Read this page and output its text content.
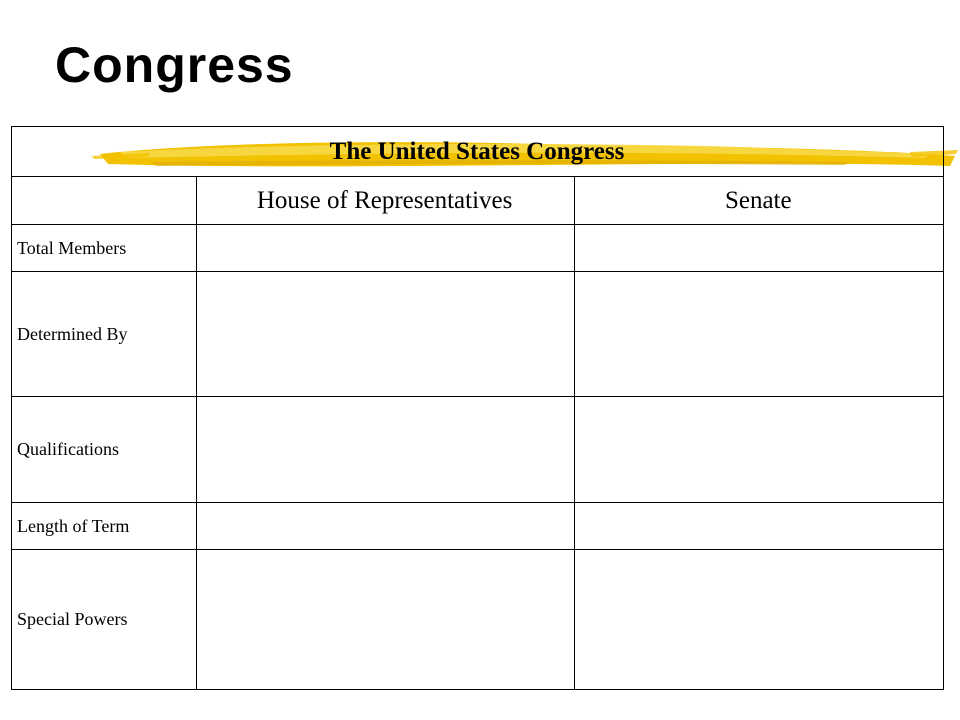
Congress
The United States Congress		
	House of Representatives	Senate
Total Members		
Determined By		
Qualifications		
Length of Term		
Special Powers		
